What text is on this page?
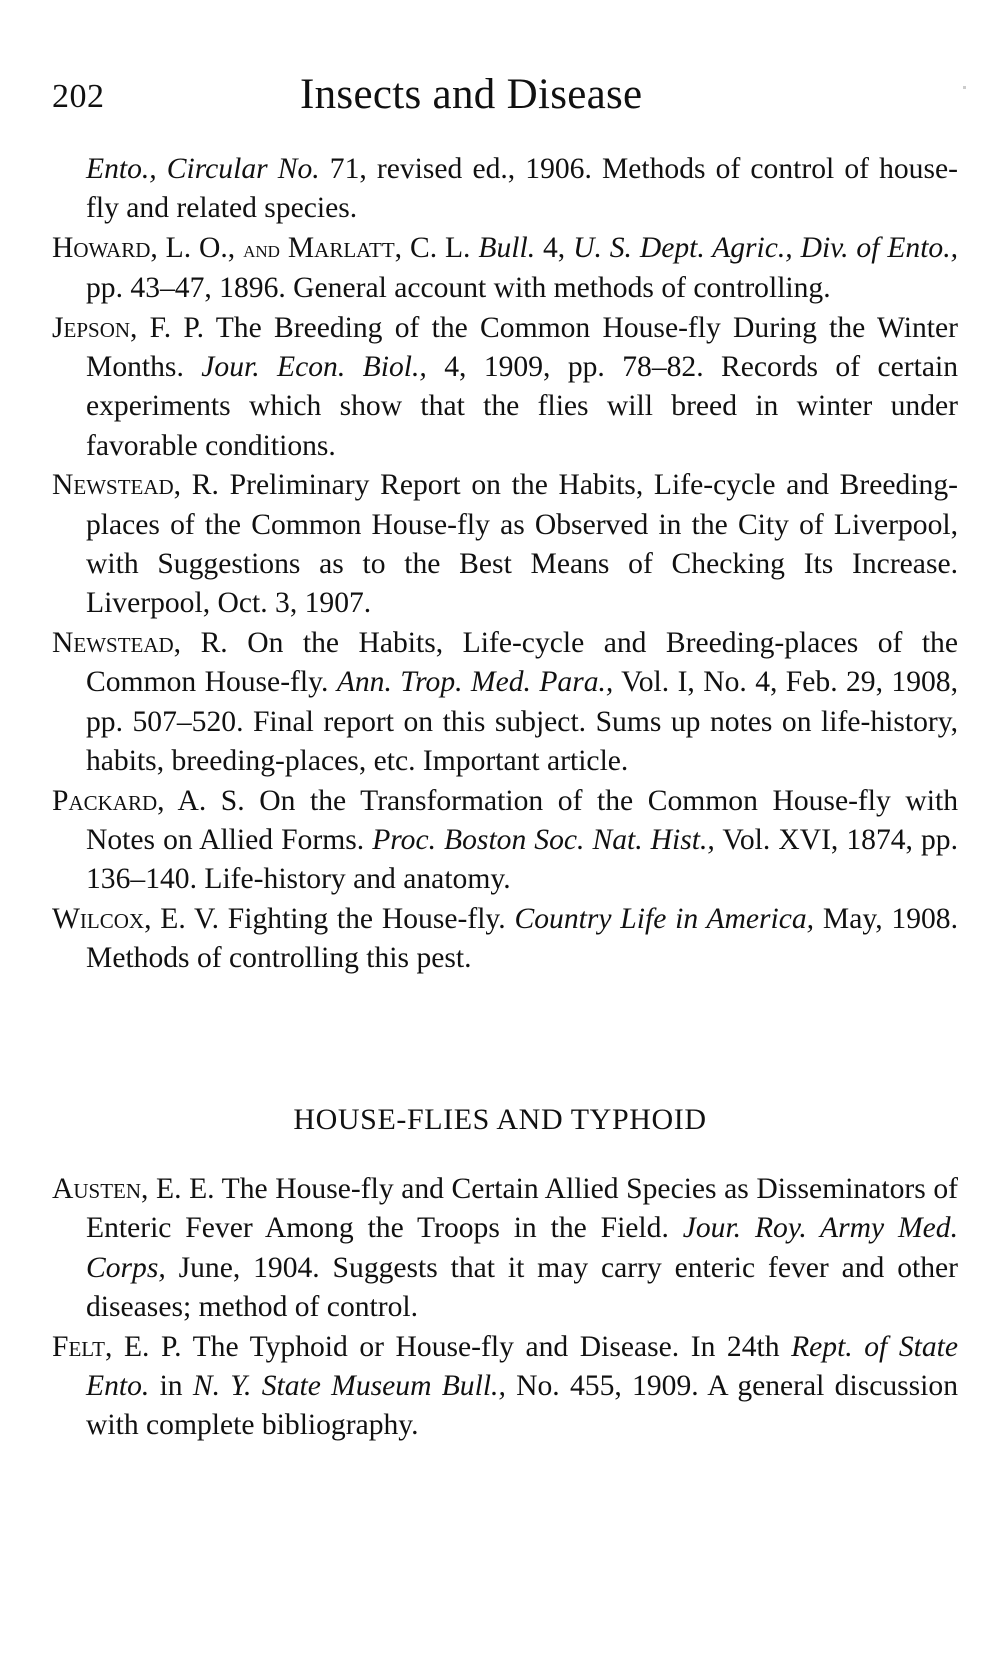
202	Insects and Disease

Ento., Circular No. 71, revised ed., 1906. Methods of control of house-fly and related species.

Howard, L. O., and Marlatt, C. L. Bull. 4, U. S. Dept. Agric., Div. of Ento., pp. 43–47, 1896. General account with methods of controlling.

Jepson, F. P. The Breeding of the Common House-fly During the Winter Months. Jour. Econ. Biol., 4, 1909, pp. 78–82. Records of certain experiments which show that the flies will breed in winter under favorable conditions.

Newstead, R. Preliminary Report on the Habits, Life-cycle and Breeding-places of the Common House-fly as Observed in the City of Liverpool, with Suggestions as to the Best Means of Checking Its Increase. Liverpool, Oct. 3, 1907.

Newstead, R. On the Habits, Life-cycle and Breeding-places of the Common House-fly. Ann. Trop. Med. Para., Vol. I, No. 4, Feb. 29, 1908, pp. 507–520. Final report on this subject. Sums up notes on life-history, habits, breeding-places, etc. Important article.

Packard, A. S. On the Transformation of the Common House-fly with Notes on Allied Forms. Proc. Boston Soc. Nat. Hist., Vol. XVI, 1874, pp. 136–140. Life-history and anatomy.

Wilcox, E. V. Fighting the House-fly. Country Life in America, May, 1908. Methods of controlling this pest.

HOUSE-FLIES AND TYPHOID

Austen, E. E. The House-fly and Certain Allied Species as Disseminators of Enteric Fever Among the Troops in the Field. Jour. Roy. Army Med. Corps, June, 1904. Suggests that it may carry enteric fever and other diseases; method of control.

Felt, E. P. The Typhoid or House-fly and Disease. In 24th Rept. of State Ento. in N. Y. State Museum Bull., No. 455, 1909. A general discussion with complete bibliography.
